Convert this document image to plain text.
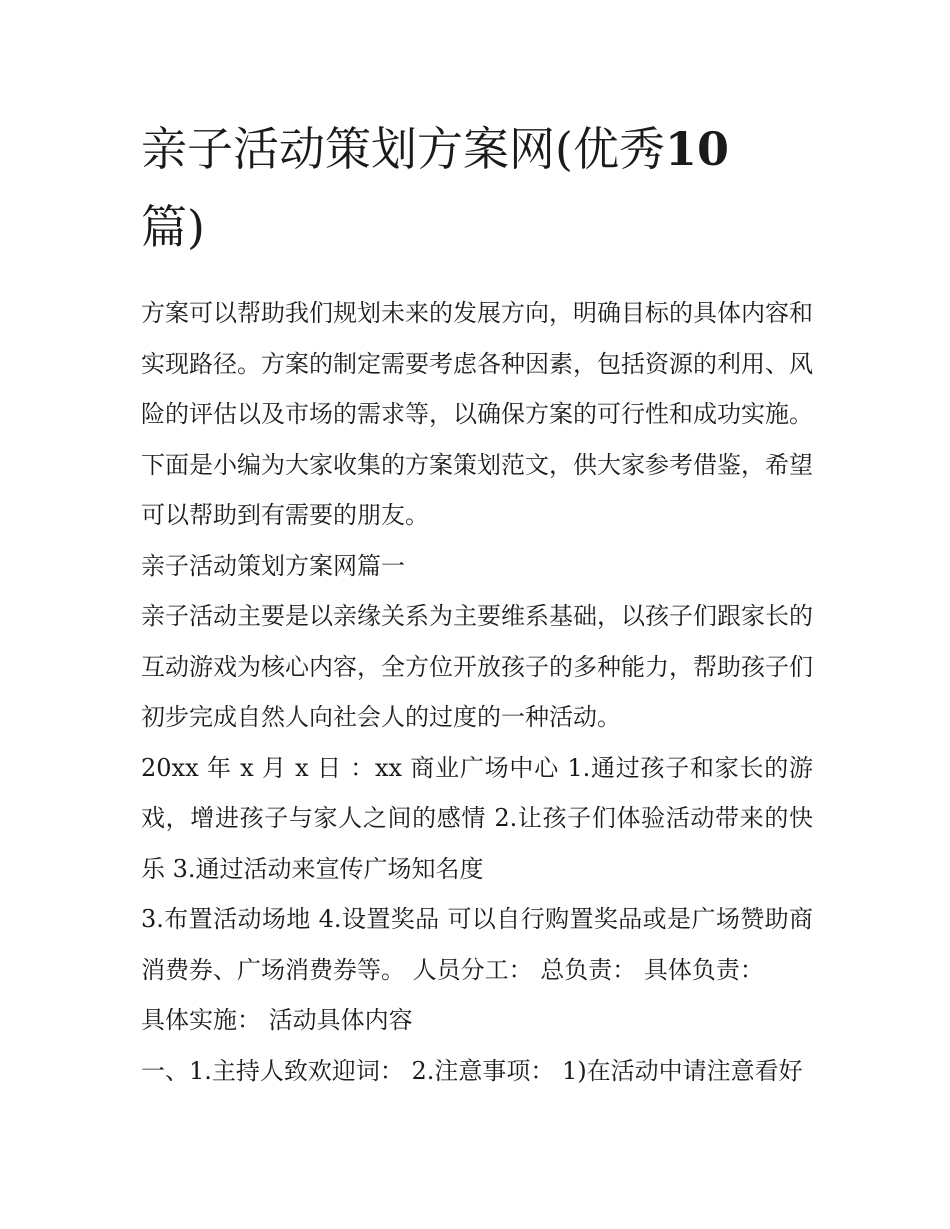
亲子活动策划方案网(优秀10
篇)

方案可以帮助我们规划未来的发展方向，明确目标的具体内容和实现路径。方案的制定需要考虑各种因素，包括资源的利用、风险的评估以及市场的需求等，以确保方案的可行性和成功实施。下面是小编为大家收集的方案策划范文，供大家参考借鉴，希望可以帮助到有需要的朋友。

亲子活动策划方案网篇一

亲子活动主要是以亲缘关系为主要维系基础，以孩子们跟家长的互动游戏为核心内容，全方位开放孩子的多种能力，帮助孩子们初步完成自然人向社会人的过度的一种活动。

20xx 年 x 月 x 日 ：xx 商业广场中心 1.通过孩子和家长的游戏，增进孩子与家人之间的感情 2.让孩子们体验活动带来的快乐 3.通过活动来宣传广场知名度

3.布置活动场地 4.设置奖品 可以自行购置奖品或是广场赞助商消费券、广场消费券等。 人员分工： 总负责： 具体负责：

具体实施： 活动具体内容

一、1.主持人致欢迎词： 2.注意事项： 1)在活动中请注意看好
